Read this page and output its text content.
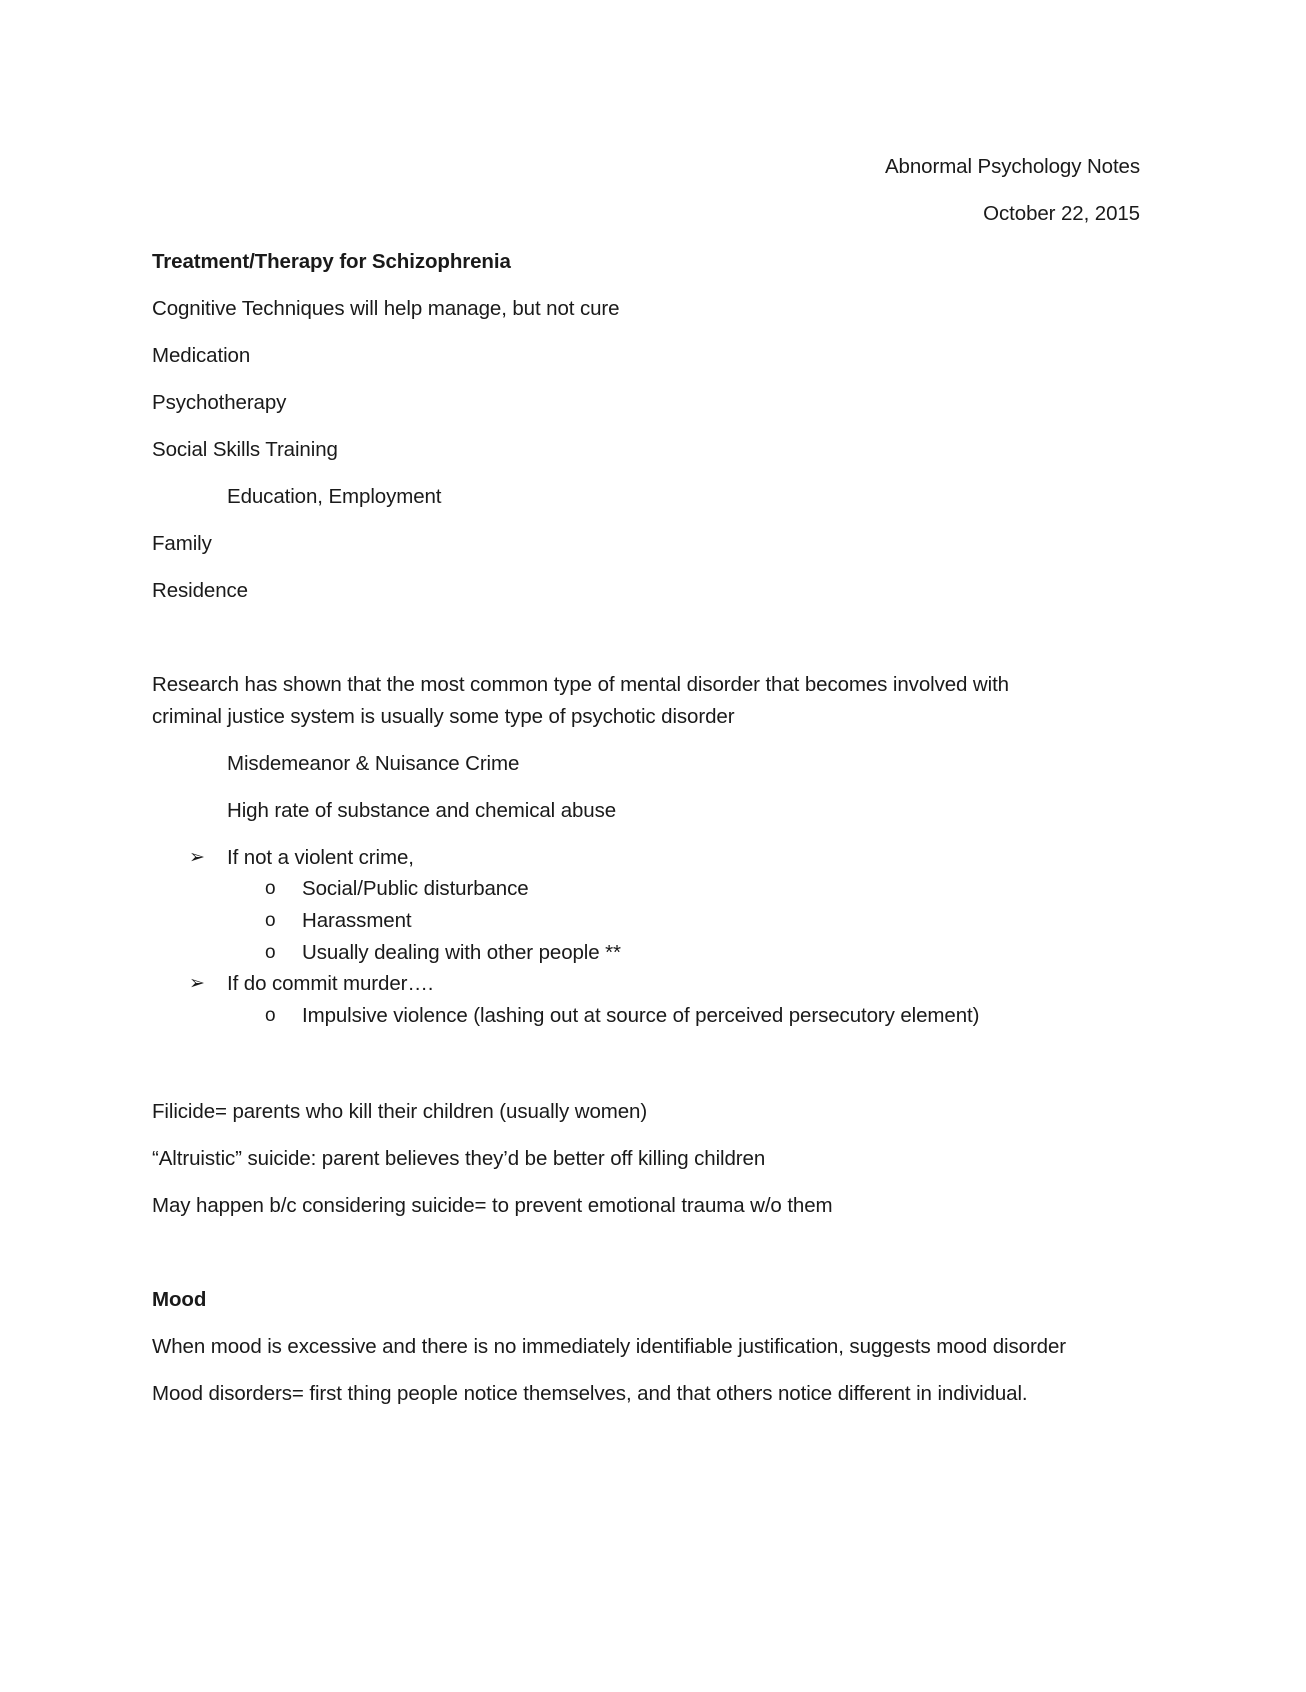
Abnormal Psychology Notes
October 22, 2015
Treatment/Therapy for Schizophrenia
Cognitive Techniques will help manage, but not cure
Medication
Psychotherapy
Social Skills Training
Education, Employment
Family
Residence
Research has shown that the most common type of mental disorder that becomes involved with
criminal justice system is usually some type of psychotic disorder
Misdemeanor & Nuisance Crime
High rate of substance and chemical abuse
➢ If not a violent crime,
o Social/Public disturbance
o Harassment
o Usually dealing with other people **
➢ If do commit murder….
o Impulsive violence (lashing out at source of perceived persecutory element)
Filicide= parents who kill their children (usually women)
“Altruistic” suicide: parent believes they’d be better off killing children
May happen b/c considering suicide= to prevent emotional trauma w/o them
Mood
When mood is excessive and there is no immediately identifiable justification, suggests mood disorder
Mood disorders= first thing people notice themselves, and that others notice different in individual.
